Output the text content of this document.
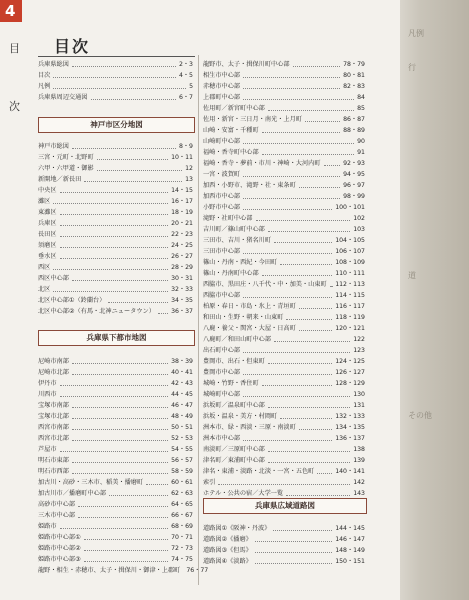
4
目
次
目次
兵庫県総図	2・3
目次	4・5
凡例	5
兵庫県周辺交通図	6・7
神戸市区分地図
神戸市総図	8・9
三宮・元町・北野町	10・11
六甲・六甲道・御影	12
新開地／新長田	13
中央区	14・15
灘区	16・17
東灘区	18・19
兵庫区	20・21
長田区	22・23
須磨区	24・25
垂水区	26・27
西区	28・29
西区中心部	30・31
北区	32・33
北区中心部①（鈴蘭台）	34・35
北区中心部②（有馬・北神ニュータウン）	36・37
兵庫県下都市地図
尼崎市南部	38・39
尼崎市北部	40・41
伊丹市	42・43
川西市	44・45
宝塚市南部	46・47
宝塚市北部	48・49
西宮市南部	50・51
西宮市北部	52・53
芦屋市	54・55
明石市東部	56・57
明石市西部	58・59
加古川・高砂・三木市、稲美・播磨町	60・61
加古川市／播磨町中心部	62・63
高砂市中心部	64・65
三木市中心部	66・67
姫路市	68・69
姫路市中心部①	70・71
姫路市中心部②	72・73
姫路市中心部③	74・75
龍野・相生・赤穂市、太子・揖保川・御津・上郡町 76・77
龍野市、太子・揖保川町中心部	78・79
相生市中心部	80・81
赤穂市中心部	82・83
上郡町中心部	84
佐用町／新宮町中心部	85
佐用・新宮・三日月・南光・上月町	86・87
山崎・安富・千種町	88・89
山崎町中心部	90
福崎・香寺町中心部	91
福崎・香寺・夢前・市川・神崎・大河内町	92・93
一宮・波賀町	94・95
加西・小野市、滝野・社・東条町	96・97
加西市中心部	98・99
小野市中心部	100・101
滝野・社町中心部	102
吉川町／篠山町中心部	103
三田市、吉川・猪名川町	104・105
三田市中心部	106・107
篠山・丹南・西紀・今田町	108・109
篠山・丹南町中心部	110・111
西脇市、黒田庄・八千代・中・加美・山東町 112・113
西脇市中心部	114・115
柏原・春日・市島・氷上・青垣町	116・117
和田山・生野・朝来・山東町	118・119
八鹿・養父・関宮・大屋・日高町	120・121
八鹿町／和田山町中心部	122
出石町中心部	123
豊岡市、出石・但東町	124・125
豊岡市中心部	126・127
城崎・竹野・香住町	128・129
城崎町中心部	130
浜坂町／温泉町中心部	131
浜坂・温泉・美方・村岡町	132・133
洲本市、緑・西淡・三原・南淡町	134・135
洲本市中心部	136・137
南淡町／三原町中心部	138
津名町／東浦町中心部	139
津名・東浦・淡路・北淡・一宮・五色町	140・141
索引	142
ホテル・公共の宿／大学一覧	143
兵庫県広域道路図
道路図①《阪神・丹波》	144・145
道路図②《播磨》	146・147
道路図③《但馬》	148・149
道路図④《淡路》	150・151
凡例
行
道
その他
